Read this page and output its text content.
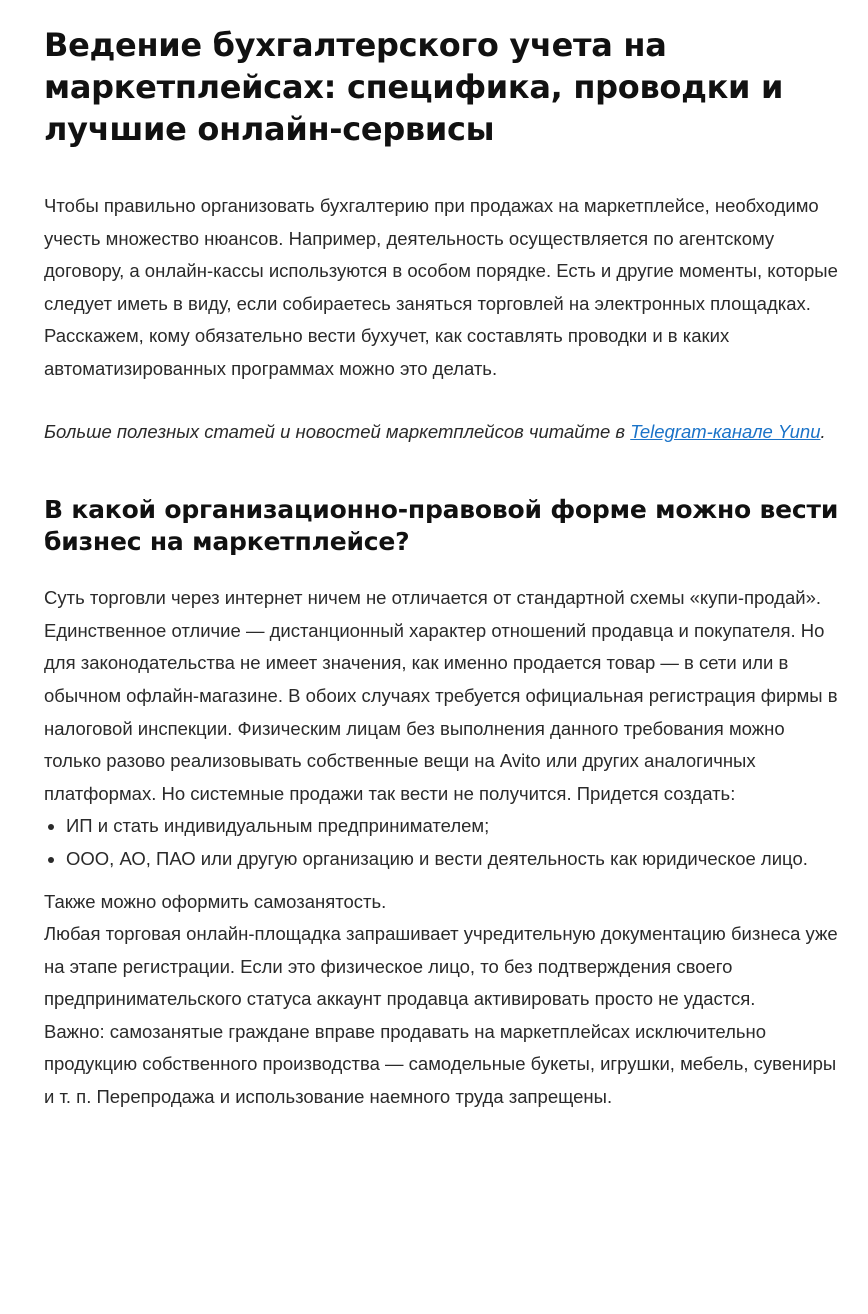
Ведение бухгалтерского учета на маркетплейсах: специфика, проводки и лучшие онлайн-сервисы

Чтобы правильно организовать бухгалтерию при продажах на маркетплейсе, необходимо учесть множество нюансов. Например, деятельность осуществляется по агентскому договору, а онлайн-кассы используются в особом порядке. Есть и другие моменты, которые следует иметь в виду, если собираетесь заняться торговлей на электронных площадках. Расскажем, кому обязательно вести бухучет, как составлять проводки и в каких автоматизированных программах можно это делать.

Больше полезных статей и новостей маркетплейсов читайте в Telegram-канале Yunu.

В какой организационно-правовой форме можно вести бизнес на маркетплейсе?

Суть торговли через интернет ничем не отличается от стандартной схемы «купи-продай». Единственное отличие — дистанционный характер отношений продавца и покупателя. Но для законодательства не имеет значения, как именно продается товар — в сети или в обычном офлайн-магазине. В обоих случаях требуется официальная регистрация фирмы в налоговой инспекции. Физическим лицам без выполнения данного требования можно только разово реализовывать собственные вещи на Avito или других аналогичных платформах. Но системные продажи так вести не получится. Придется создать:

ИП и стать индивидуальным предпринимателем;
ООО, АО, ПАО или другую организацию и вести деятельность как юридическое лицо.

Также можно оформить самозанятость.

Любая торговая онлайн-площадка запрашивает учредительную документацию бизнеса уже на этапе регистрации. Если это физическое лицо, то без подтверждения своего предпринимательского статуса аккаунт продавца активировать просто не удастся.

Важно: самозанятые граждане вправе продавать на маркетплейсах исключительно продукцию собственного производства — самодельные букеты, игрушки, мебель, сувениры и т. п. Перепродажа и использование наемного труда запрещены.
